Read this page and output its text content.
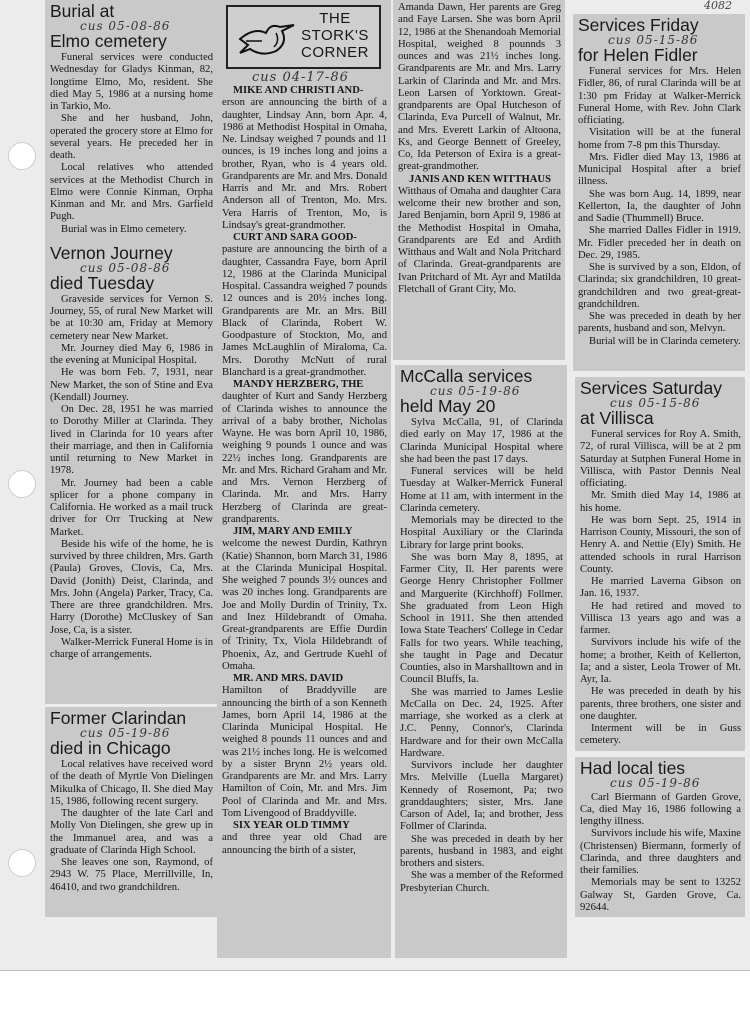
4082
Burial at
cus 05-08-86
Elmo cemetery

Funeral services were conducted Wednesday for Gladys Kinman, 82, longtime Elmo, Mo, resident. She died May 5, 1986 at a nursing home in Tarkio, Mo.

She and her husband, John, operated the grocery store at Elmo for several years. He preceded her in death.

Local relatives who attended services at the Methodist Church in Elmo were Connie Kinman, Orpha Kinman and Mr. and Mrs. Garfield Pugh.

Burial was in Elmo cemetery.

Vernon Journey
cus 05-08-86
died Tuesday

Graveside services for Vernon S. Journey, 55, of rural New Market will be at 10:30 am, Friday at Memory cemetery near New Market.

Mr. Journey died May 6, 1986 in the evening at Municipal Hospital.

He was born Feb. 7, 1931, near New Market, the son of Stine and Eva (Kendall) Journey.

On Dec. 28, 1951 he was married to Dorothy Miller at Clarinda. They lived in Clarinda for 10 years after their marriage, and then in California until returning to New Market in 1978.

Mr. Journey had been a cable splicer for a phone company in California. He worked as a mail truck driver for Orr Trucking at New Market.

Beside his wife of the home, he is survived by three children, Mrs. Garth (Paula) Groves, Clovis, Ca, Mrs. David (Jonith) Deist, Clarinda, and Mrs. John (Angela) Parker, Tracy, Ca. There are three grandchildren. Mrs. Harry (Dorothe) McCluskey of San Jose, Ca, is a sister.

Walker-Merrick Funeral Home is in charge of arrangements.

Former Clarindan
cus 05-19-86
died in Chicago

Local relatives have received word of the death of Myrtle Von Dielingen Mikulka of Chicago, Il. She died May 15, 1986, following recent surgery.

The daughter of the late Carl and Molly Von Dielingen, she grew up in the Immanuel area, and was a graduate of Clarinda High School.

She leaves one son, Raymond, of 2943 W. 75 Place, Merrillville, In, 46410, and two grandchildren.

THE
STORK'S
CORNER
cus 04-17-86

MIKE AND CHRISTI AND-
erson are announcing the birth of a daughter, Lindsay Ann, born Apr. 4, 1986 at Methodist Hospital in Omaha, Ne. Lindsay weighed 7 pounds and 11 ounces, is 19 inches long and joins a brother, Ryan, who is 4 years old. Grandparents are Mr. and Mrs. Donald Harris and Mr. and Mrs. Robert Anderson all of Trenton, Mo. Mrs. Vera Harris of Trenton, Mo, is Lindsay's great-grandmother.

CURT AND SARA GOOD-
pasture are announcing the birth of a daughter, Cassandra Faye, born April 12, 1986 at the Clarinda Municipal Hospital. Cassandra weighed 7 pounds 12 ounces and is 20½ inches long. Grandparents are Mr. an Mrs. Bill Black of Clarinda, Robert W. Goodpasture of Stockton, Mo, and James McLaughlin of Miraloma, Ca. Mrs. Dorothy McNutt of rural Blanchard is a great-grandmother.

MANDY HERZBERG, THE
daughter of Kurt and Sandy Herzberg of Clarinda wishes to announce the arrival of a baby brother, Nicholas Wayne. He was born April 10, 1986, weighing 9 pounds 1 ounce and was 22½ inches long. Grandparents are Mr. and Mrs. Richard Graham and Mr. and Mrs. Vernon Herzberg of Clarinda. Mr. and Mrs. Harry Herzberg of Clarinda are great-grandparents.

JIM, MARY AND EMILY
welcome the newest Durdin, Kathryn (Katie) Shannon, born March 31, 1986 at the Clarinda Municipal Hospital. She weighed 7 pounds 3½ ounces and was 20 inches long. Grandparents are Joe and Molly Durdin of Trinity, Tx. and Inez Hildebrandt of Omaha. Great-grandparents are Effie Durdin of Trinity, Tx, Viola Hildebrandt of Phoenix, Az, and Gertrude Kuehl of Omaha.

MR. AND MRS. DAVID
Hamilton of Braddyville are announcing the birth of a son Kenneth James, born April 14, 1986 at the Clarinda Municipal Hospital. He weighed 8 pounds 11 ounces and and was 21½ inches long. He is welcomed by a sister Brynn 2½ years old. Grandparents are Mr. and Mrs. Larry Hamilton of Coin, Mr. and Mrs. Jim Pool of Clarinda and Mr. and Mrs. Tom Livengood of Braddyville.

SIX YEAR OLD TIMMY
and three year old Chad are announcing the birth of a sister,

Amanda Dawn, Her parents are Greg and Faye Larsen. She was born April 12, 1986 at the Shenandoah Memorial Hospital, weighed 8 pounnds 3 ounces and was 21½ inches long. Grandparents are Mr. and Mrs. Larry Larkin of Clarinda and Mr. and Mrs. Leon Larsen of Yorktown. Great-grandparents are Opal Hutcheson of Clarinda, Eva Purcell of Walnut, Mr. and Mrs. Everett Larkin of Altoona, Ks, and George Bennett of Greeley, Co, Ida Peterson of Exira is a great-great-grandmother.

JANIS AND KEN WITTHAUS
Witthaus of Omaha and daughter Cara welcome their new brother and son, Jared Benjamin, born April 9, 1986 at the Methodist Hospital in Omaha, Grandparents are Ed and Ardith Witthaus and Walt and Nola Pritchard of Clarinda. Great-grandparents are Ivan Pritchard of Mt. Ayr and Matilda Fletchall of Grant City, Mo.

McCalla services
cus 05-19-86
held May 20

Sylva McCalla, 91, of Clarinda died early on May 17, 1986 at the Clarinda Municipal Hospital where she had been the past 17 days.

Funeral services will be held Tuesday at Walker-Merrick Funeral Home at 11 am, with interment in the Clarinda cemetery.

Memorials may be directed to the Hospital Auxiliary or the Clarinda Library for large print books.

She was born May 8, 1895, at Farmer City, Il. Her parents were George Henry Christopher Follmer and Marguerite (Kirchhoff) Follmer. She graduated from Leon High School in 1911. She then attended Iowa State Teachers' College in Cedar Falls for two years. While teaching, she taught in Page and Decatur Counties, also in Marshalltown and in Council Bluffs, Ia.

She was married to James Leslie McCalla on Dec. 24, 1925. After marriage, she worked as a clerk at J.C. Penny, Connor's, Clarinda Hardware and for their own McCalla Hardware.

Survivors include her daughter Mrs. Melville (Luella Margaret) Kennedy of Rosemont, Pa; two granddaughters; sister, Mrs. Jane Carson of Adel, Ia; and brother, Jess Follmer of Clarinda.

She was preceded in death by her parents, husband in 1983, and eight brothers and sisters.

She was a member of the Reformed Presbyterian Church.

Services Friday
cus 05-15-86
for Helen Fidler

Funeral services for Mrs. Helen Fidler, 86, of rural Clarinda will be at 1:30 pm Friday at Walker-Merrick Funeral Home, with Rev. John Clark officiating.

Visitation will be at the funeral home from 7-8 pm this Thursday.

Mrs. Fidler died May 13, 1986 at Municipal Hospital after a brief illness.

She was born Aug. 14, 1899, near Kellerton, Ia, the daughter of John and Sadie (Thummell) Bruce.

She married Dalles Fidler in 1919. Mr. Fidler preceded her in death on Dec. 29, 1985.

She is survived by a son, Eldon, of Clarinda; six grandchildren, 10 great-grandchildren and two great-great-grandchildren.

She was preceded in death by her parents, husband and son, Melvyn.

Burial will be in Clarinda cemetery.

Services Saturday
cus 05-15-86
at Villisca

Funeral services for Roy A. Smith, 72, of rural Villisca, will be at 2 pm Saturday at Sutphen Funeral Home in Villisca, with Pastor Dennis Neal officiating.

Mr. Smith died May 14, 1986 at his home.

He was born Sept. 25, 1914 in Harrison County, Missouri, the son of Henry A. and Nettie (Ely) Smith. He attended schools in rural Harrison County.

He married Laverna Gibson on Jan. 16, 1937.

He had retired and moved to Villisca 13 years ago and was a farmer.

Survivors include his wife of the home; a brother, Keith of Kellerton, Ia; and a sister, Leola Trower of Mt. Ayr, Ia.

He was preceded in death by his parents, three brothers, one sister and one daughter.

Interment will be in Guss cemetery.

Had local ties
cus 05-19-86

Carl Biermann of Garden Grove, Ca, died May 16, 1986 following a lengthy illness.

Survivors include his wife, Maxine (Christensen) Biermann, formerly of Clarinda, and three daughters and their families.

Memorials may be sent to 13252 Galway St, Garden Grove, Ca. 92644.
